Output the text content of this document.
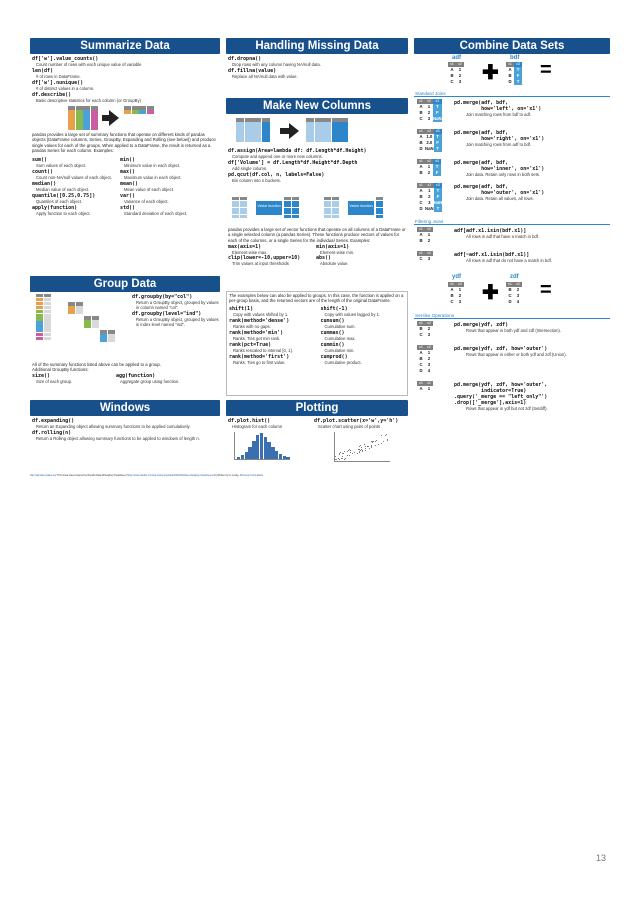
Summarize Data
df['w'].value_counts()
Count number of rows with each unique value of variable
len(df)
# of rows in DataFrame.
df['w'].nunique()
# of distinct values in a column.
df.describe()
Basic descriptive statistics for each column (or GroupBy)
pandas provides a large set of summary functions that operate on different kinds of pandas objects (DataFrame columns, Series, GroupBy, Expanding and Rolling (see below)) and produce single values for each of the groups. When applied to a DataFrame, the result is returned as a pandas Series for each column. Examples:
sum()
Sum values of each object.
count()
Count non-NA/null values of each object.
median()
Median value of each object.
quantile([0.25,0.75])
Quantiles of each object.
apply(function)
Apply function to each object.
min()
Minimum value in each object.
max()
Maximum value in each object.
mean()
Mean value of each object.
var()
Variance of each object.
std()
Standard deviation of each object.
Group Data
df.groupby(by="col")
Return a GroupBy object, grouped by values in column named "col".
df.groupby(level="ind")
Return a GroupBy object, grouped by values in index level named "ind".
All of the summary functions listed above can be applied to a group.
Additional GroupBy functions:
size()
Size of each group.
agg(function)
Aggregate group using function.
Windows
df.expanding()
Return an Expanding object allowing summary functions to be applied cumulatively.
df.rolling(n)
Return a Rolling object allowing summary functions to be applied to windows of length n.
Handling Missing Data
df.dropna()
Drop rows with any column having NA/null data.
df.fillna(value)
Replace all NA/null data with value.
Make New Columns
df.assign(Area=lambda df: df.Length*df.Height)
Compute and append one or more new columns.
df['Volume'] = df.Length*df.Height*df.Depth
Add single column.
pd.qcut(df.col, n, labels=False)
Bin column into n buckets.
Vector function	Vector function
pandas provides a large set of vector functions that operate on all columns of a DataFrame or a single selected column (a pandas Series). These functions produce vectors of values for each of the columns, or a single Series for the individual Series. Examples:
max(axis=1)
Element-wise max.
clip(lower=-10,upper=10)
Trim values at input thresholds
min(axis=1)
Element-wise min.
abs()
Absolute value.
The examples below can also be applied to groups. In this case, the function is applied on a per-group basis, and the returned vectors are of the length of the original DataFrame.
shift(1)
Copy with values shifted by 1.
rank(method='dense')
Ranks with no gaps.
rank(method='min')
Ranks. Ties get min rank.
rank(pct=True)
Ranks rescaled to interval [0, 1].
rank(method='first')
Ranks. Ties go to first value.
shift(-1)
Copy with values lagged by 1.
cumsum()
Cumulative sum.
cummax()
Cumulative max.
cummin()
Cumulative min.
cumprod()
Cumulative product.
Plotting
df.plot.hist()
Histogram for each column
df.plot.scatter(x='w',y='h')
Scatter chart using pairs of points
Combine Data Sets
adf
x1	x2
A	1
B	2
C	3 ✚
bdf
x1	x3
A	T
B	F
D	T
=
Standard Joins
x1	x2	x3
A	1	T
B	2	F
C	3	NaN
pd.merge(adf, bdf,
how='left', on='x1')
Join matching rows from bdf to adf.
x1	x2	x3
A	1.0	T
B	2.0	F
D	NaN	T
pd.merge(adf, bdf,
how='right', on='x1')
Join matching rows from adf to bdf.
x1	x2	x3
A	1	T
B	2	F
pd.merge(adf, bdf,
how='inner', on='x1')
Join data. Retain only rows in both sets.
x1	x2	x3
A	1	T
B	2	F
C	3	NaN
D	NaN	T
pd.merge(adf, bdf,
how='outer', on='x1')
Join data. Retain all values, all rows.
Filtering Joins
x1	x2
A	1
B	2
adf[adf.x1.isin(bdf.x1)]
All rows in adf that have a match in bdf.
x1	x2
C	3
adf[~adf.x1.isin(bdf.x1)]
All rows in adf that do not have a match in bdf.
ydf
x1	x2
A	1
B	2
C	3 ✚
zdf
x1	x2
B	2
C	3
D	4
=
Set-like Operations
x1	x2
B	2
C	3
pd.merge(ydf, zdf)
Rows that appear in both ydf and zdf (Intersection).
x1	x2
A	1
B	2
C	3
D	4
pd.merge(ydf, zdf, how='outer')
Rows that appear in either or both ydf and zdf (Union).
x1	x2
A	1
pd.merge(ydf, zdf, how='outer',
indicator=True)
.query('_merge == "left_only"')
.drop(['_merge'],axis=1)
Rows that appear in ydf but not zdf (Setdiff).
http://pandas.pydata.org/ This cheat sheet inspired by Rstudio Data Wrangling Cheatsheet (https://www.rstudio.com/wp-content/uploads/2015/02/data-wrangling-cheatsheet.pdf) Written by Irv Lustig, Princeton Consultants
13
